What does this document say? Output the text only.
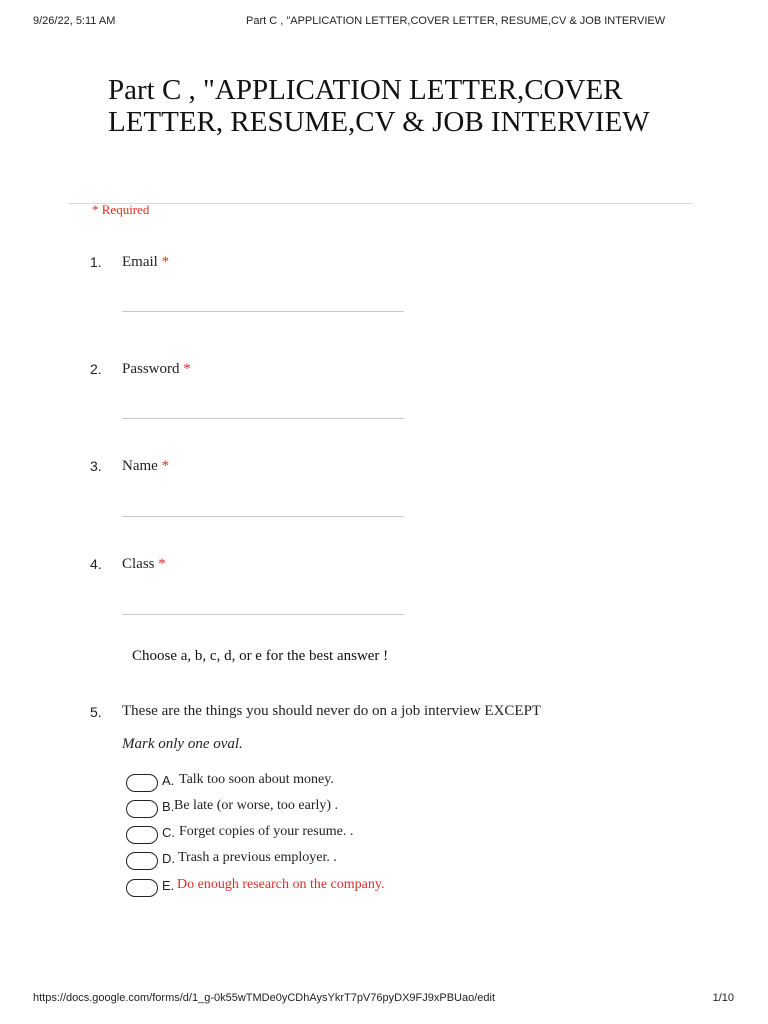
9/26/22, 5:11 AM	Part C , "APPLICATION LETTER,COVER LETTER, RESUME,CV & JOB INTERVIEW
Part C , "APPLICATION LETTER,COVER LETTER, RESUME,CV & JOB INTERVIEW
* Required
1. Email *
2. Password *
3. Name *
4. Class *
Choose a, b, c, d, or e for the best answer !
5. These are the things you should never do on a job interview EXCEPT
Mark only one oval.
A. Talk too soon about money.
B. Be late (or worse, too early) .
C. Forget copies of your resume. .
D. Trash a previous employer. .
E. Do enough research on the company.
https://docs.google.com/forms/d/1_g-0k55wTMDe0yCDhAysYkrT7pV76pyDX9FJ9xPBUao/edit	1/10
